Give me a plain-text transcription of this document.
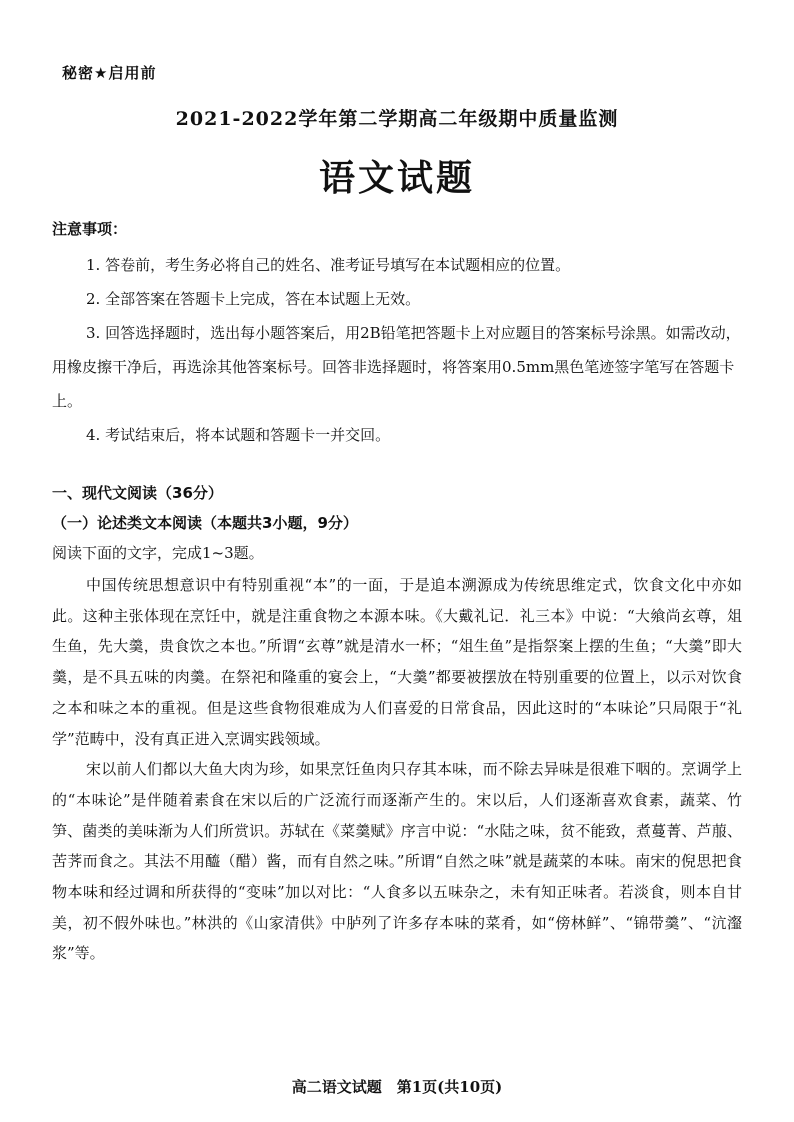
秘密★启用前
2021-2022学年第二学期高二年级期中质量监测
语文试题
注意事项：

1. 答卷前，考生务必将自己的姓名、准考证号填写在本试题相应的位置。

2. 全部答案在答题卡上完成，答在本试题上无效。

3. 回答选择题时，选出每小题答案后，用2B铅笔把答题卡上对应题目的答案标号涂黑。如需改动，用橡皮擦干净后，再选涂其他答案标号。回答非选择题时，将答案用0.5mm黑色笔迹签字笔写在答题卡上。

4. 考试结束后，将本试题和答题卡一并交回。

一、现代文阅读（36分）
（一）论述类文本阅读（本题共3小题，9分）
阅读下面的文字，完成1~3题。

中国传统思想意识中有特别重视“本”的一面，于是追本溯源成为传统思维定式，饮食文化中亦如此。这种主张体现在烹饪中，就是注重食物之本源本味。《大戴礼记．礼三本》中说：“大飨尚玄尊，俎生鱼，先大羹，贵食饮之本也。”所谓“玄尊”就是清水一杯；“俎生鱼”是指祭案上摆的生鱼；“大羹”即大羹，是不具五味的肉羹。在祭祀和隆重的宴会上，“大羹”都要被摆放在特别重要的位置上，以示对饮食之本和味之本的重视。但是这些食物很难成为人们喜爱的日常食品，因此这时的“本味论”只局限于“礼学”范畴中，没有真正进入烹调实践领域。

宋以前人们都以大鱼大肉为珍，如果烹饪鱼肉只存其本味，而不除去异味是很难下咽的。烹调学上的“本味论”是伴随着素食在宋以后的广泛流行而逐渐产生的。宋以后，人们逐渐喜欢食素，蔬菜、竹笋、菌类的美味渐为人们所赏识。苏轼在《菜羹赋》序言中说：“水陆之味，贫不能致，煮蔓菁、芦菔、苦荠而食之。其法不用醯（醋）酱，而有自然之味。”所谓“自然之味”就是蔬菜的本味。南宋的倪思把食物本味和经过调和所获得的“变味”加以对比：“人食多以五味杂之，未有知正味者。若淡食，则本自甘美，初不假外味也。”林洪的《山家清供》中胪列了许多存本味的菜肴，如“傍林鲜”、“锦带羹”、“沆瀣浆”等。

高二语文试题　第1页(共10页)
